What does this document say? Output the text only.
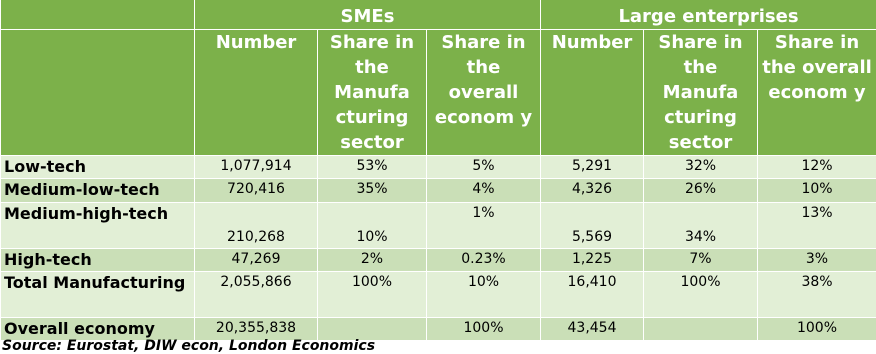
	SMEs			Large enterprises		
	Number	Share in the Manufa cturing sector	Share in the overall econom y	Number	Share in the Manufa cturing sector	Share in the overall econom y
Low-tech	1,077,914	53%	5%	5,291	32%	12%
Medium-low-tech	720,416	35%	4%	4,326	26%	10%
Medium-high-tech	210,268	10%	1%	5,569	34%	13%
High-tech	47,269	2%	0.23%	1,225	7%	3%
Total Manufacturing	2,055,866	100%	10%	16,410	100%	38%
Overall economy	20,355,838		100%	43,454		100%
Source: Eurostat, DIW econ, London Economics
